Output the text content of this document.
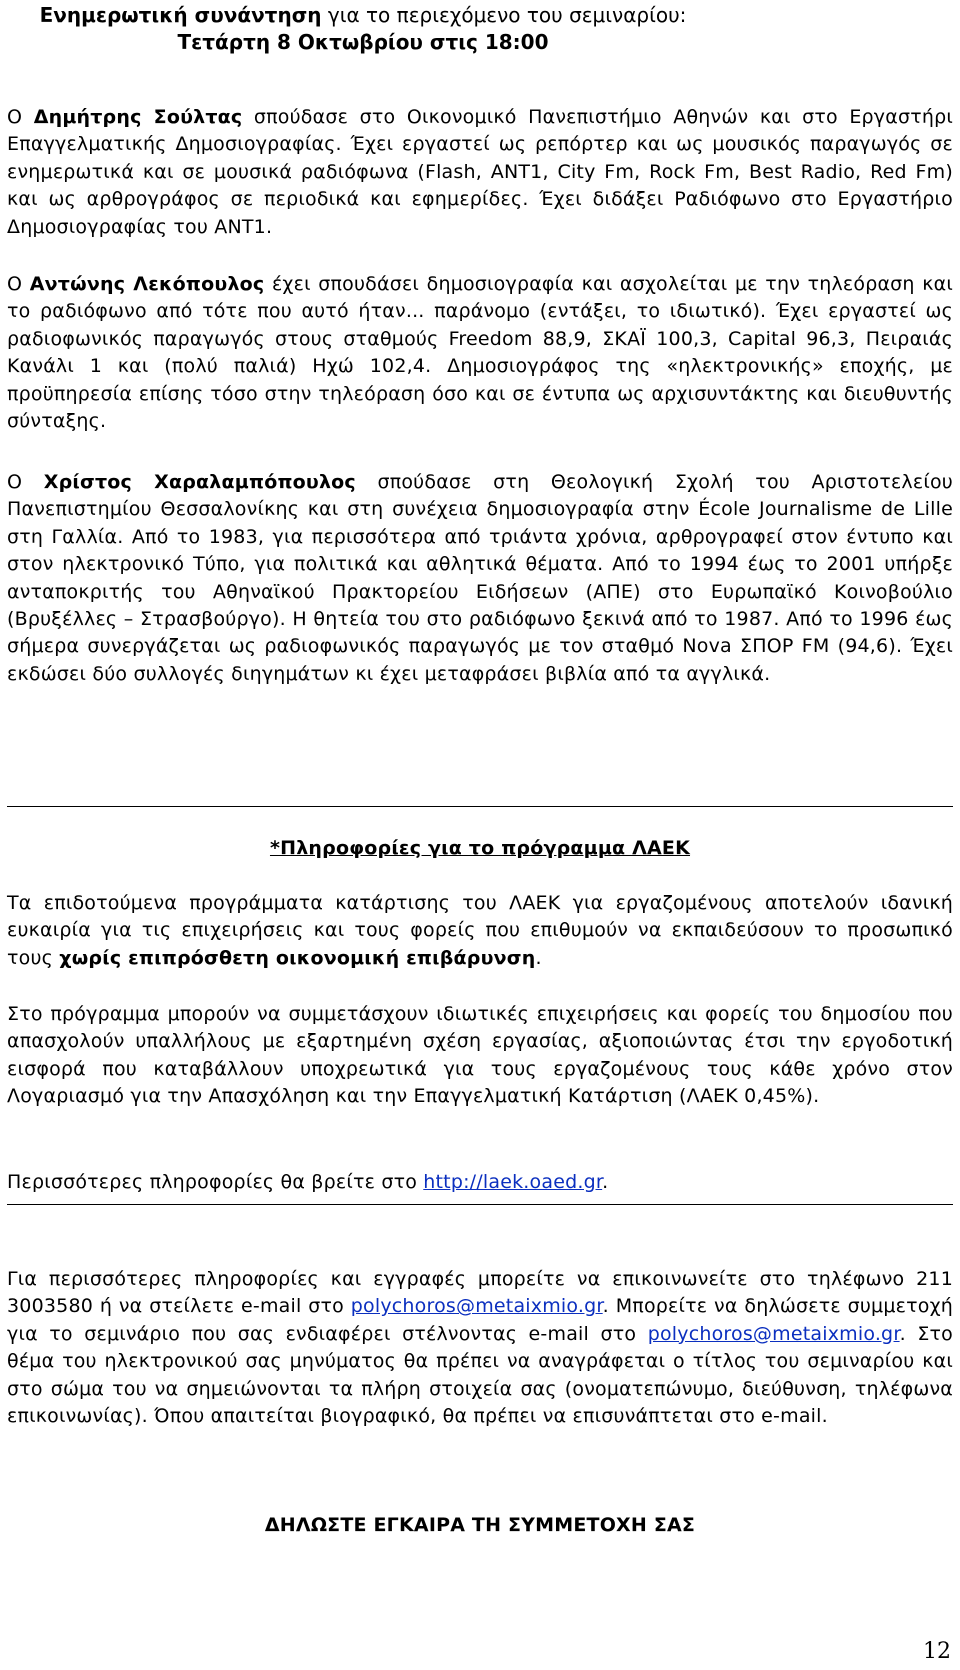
Ενημερωτική συνάντηση για το περιεχόμενο του σεμιναρίου:
Τετάρτη 8 Οκτωβρίου στις 18:00

Ο Δημήτρης Σούλτας σπούδασε στο Οικονομικό Πανεπιστήμιο Αθηνών και στο Εργαστήρι Επαγγελματικής Δημοσιογραφίας. Έχει εργαστεί ως ρεπόρτερ και ως μουσικός παραγωγός σε ενημερωτικά και σε μουσικά ραδιόφωνα (Flash, ANT1, City Fm, Rock Fm, Best Radio, Red Fm) και ως αρθρογράφος σε περιοδικά και εφημερίδες. Έχει διδάξει Ραδιόφωνο στο Εργαστήριο Δημοσιογραφίας του ΑΝΤ1.

Ο Αντώνης Λεκόπουλος έχει σπουδάσει δημοσιογραφία και ασχολείται με την τηλεόραση και το ραδιόφωνο από τότε που αυτό ήταν... παράνομο (εντάξει, το ιδιωτικό). Έχει εργαστεί ως ραδιοφωνικός παραγωγός στους σταθμούς Freedom 88,9, ΣΚΑΪ 100,3, Capital 96,3, Πειραιάς Κανάλι 1 και (πολύ παλιά) Ηχώ 102,4. Δημοσιογράφος της «ηλεκτρονικής» εποχής, με προϋπηρεσία επίσης τόσο στην τηλεόραση όσο και σε έντυπα ως αρχισυντάκτης και διευθυντής σύνταξης.

Ο Χρίστος Χαραλαμπόπουλος σπούδασε στη Θεολογική Σχολή του Αριστοτελείου Πανεπιστημίου Θεσσαλονίκης και στη συνέχεια δημοσιογραφία στην École Journalisme de Lille στη Γαλλία. Από το 1983, για περισσότερα από τριάντα χρόνια, αρθρογραφεί στον έντυπο και στον ηλεκτρονικό Τύπο, για πολιτικά και αθλητικά θέματα. Από το 1994 έως το 2001 υπήρξε ανταποκριτής του Αθηναϊκού Πρακτορείου Ειδήσεων (ΑΠΕ) στο Ευρωπαϊκό Κοινοβούλιο (Βρυξέλλες – Στρασβούργο). Η θητεία του στο ραδιόφωνο ξεκινά από το 1987. Από το 1996 έως σήμερα συνεργάζεται ως ραδιοφωνικός παραγωγός με τον σταθμό Nova ΣΠΟΡ FM (94,6). Έχει εκδώσει δύο συλλογές διηγημάτων κι έχει μεταφράσει βιβλία από τα αγγλικά.

*Πληροφορίες για το πρόγραμμα ΛΑΕΚ

Τα επιδοτούμενα προγράμματα κατάρτισης του ΛΑΕΚ για εργαζομένους αποτελούν ιδανική ευκαιρία για τις επιχειρήσεις και τους φορείς που επιθυμούν να εκπαιδεύσουν το προσωπικό τους χωρίς επιπρόσθετη οικονομική επιβάρυνση.

Στο πρόγραμμα μπορούν να συμμετάσχουν ιδιωτικές επιχειρήσεις και φορείς του δημοσίου που απασχολούν υπαλλήλους με εξαρτημένη σχέση εργασίας, αξιοποιώντας έτσι την εργοδοτική εισφορά που καταβάλλουν υποχρεωτικά για τους εργαζομένους τους κάθε χρόνο στον Λογαριασμό για την Απασχόληση και την Επαγγελματική Κατάρτιση (ΛΑΕΚ 0,45%).

Περισσότερες πληροφορίες θα βρείτε στο http://laek.oaed.gr.

Για περισσότερες πληροφορίες και εγγραφές μπορείτε να επικοινωνείτε στο τηλέφωνο 211 3003580 ή να στείλετε e-mail στο polychoros@metaixmio.gr. Μπορείτε να δηλώσετε συμμετοχή για το σεμινάριο που σας ενδιαφέρει στέλνοντας e-mail στο polychoros@metaixmio.gr. Στο θέμα του ηλεκτρονικού σας μηνύματος θα πρέπει να αναγράφεται ο τίτλος του σεμιναρίου και στο σώμα του να σημειώνονται τα πλήρη στοιχεία σας (ονοματεπώνυμο, διεύθυνση, τηλέφωνα επικοινωνίας). Όπου απαιτείται βιογραφικό, θα πρέπει να επισυνάπτεται στο e-mail.

ΔΗΛΩΣΤΕ ΕΓΚΑΙΡΑ ΤΗ ΣΥΜΜΕΤΟΧΗ ΣΑΣ

12
